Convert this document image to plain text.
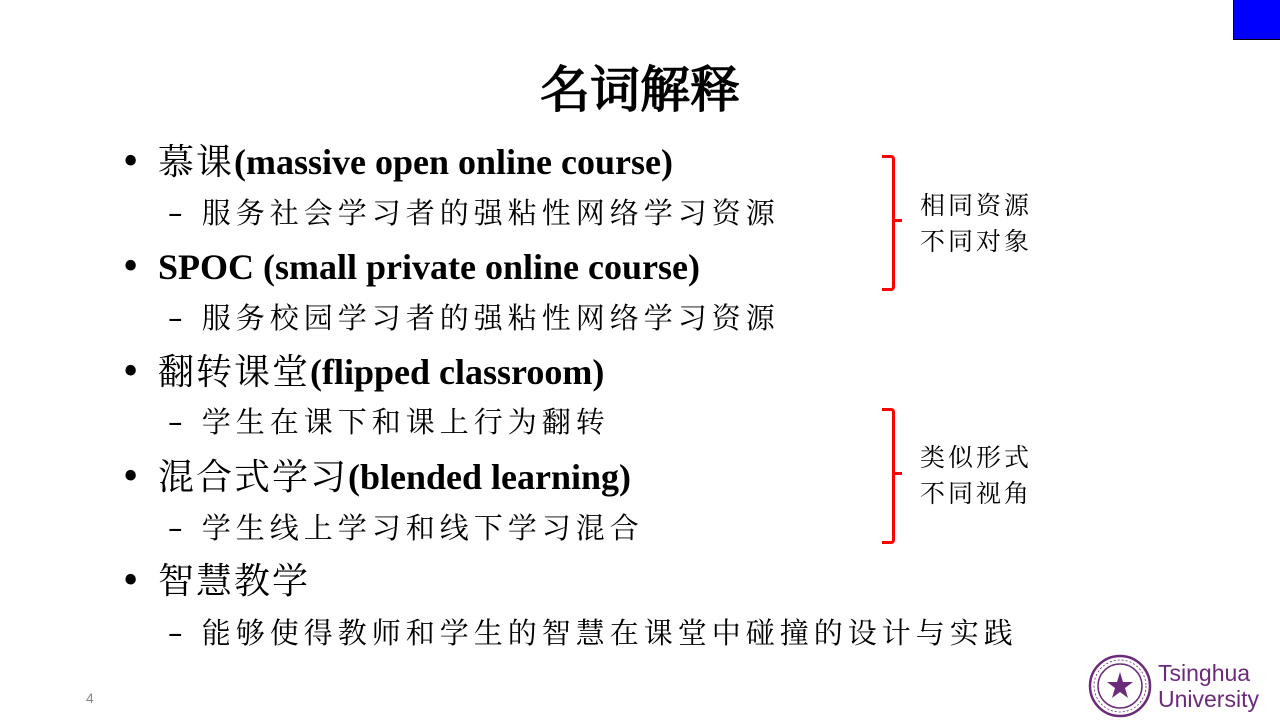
名词解释
• 慕课(massive open online course)
– 服务社会学习者的强粘性网络学习资源
• SPOC (small private online course)
– 服务校园学习者的强粘性网络学习资源
• 翻转课堂(flipped classroom)
– 学生在课下和课上行为翻转
• 混合式学习(blended learning)
– 学生线上学习和线下学习混合
• 智慧教学
– 能够使得教师和学生的智慧在课堂中碰撞的设计与实践
相同资源
不同对象
类似形式
不同视角
4
Tsinghua
University
